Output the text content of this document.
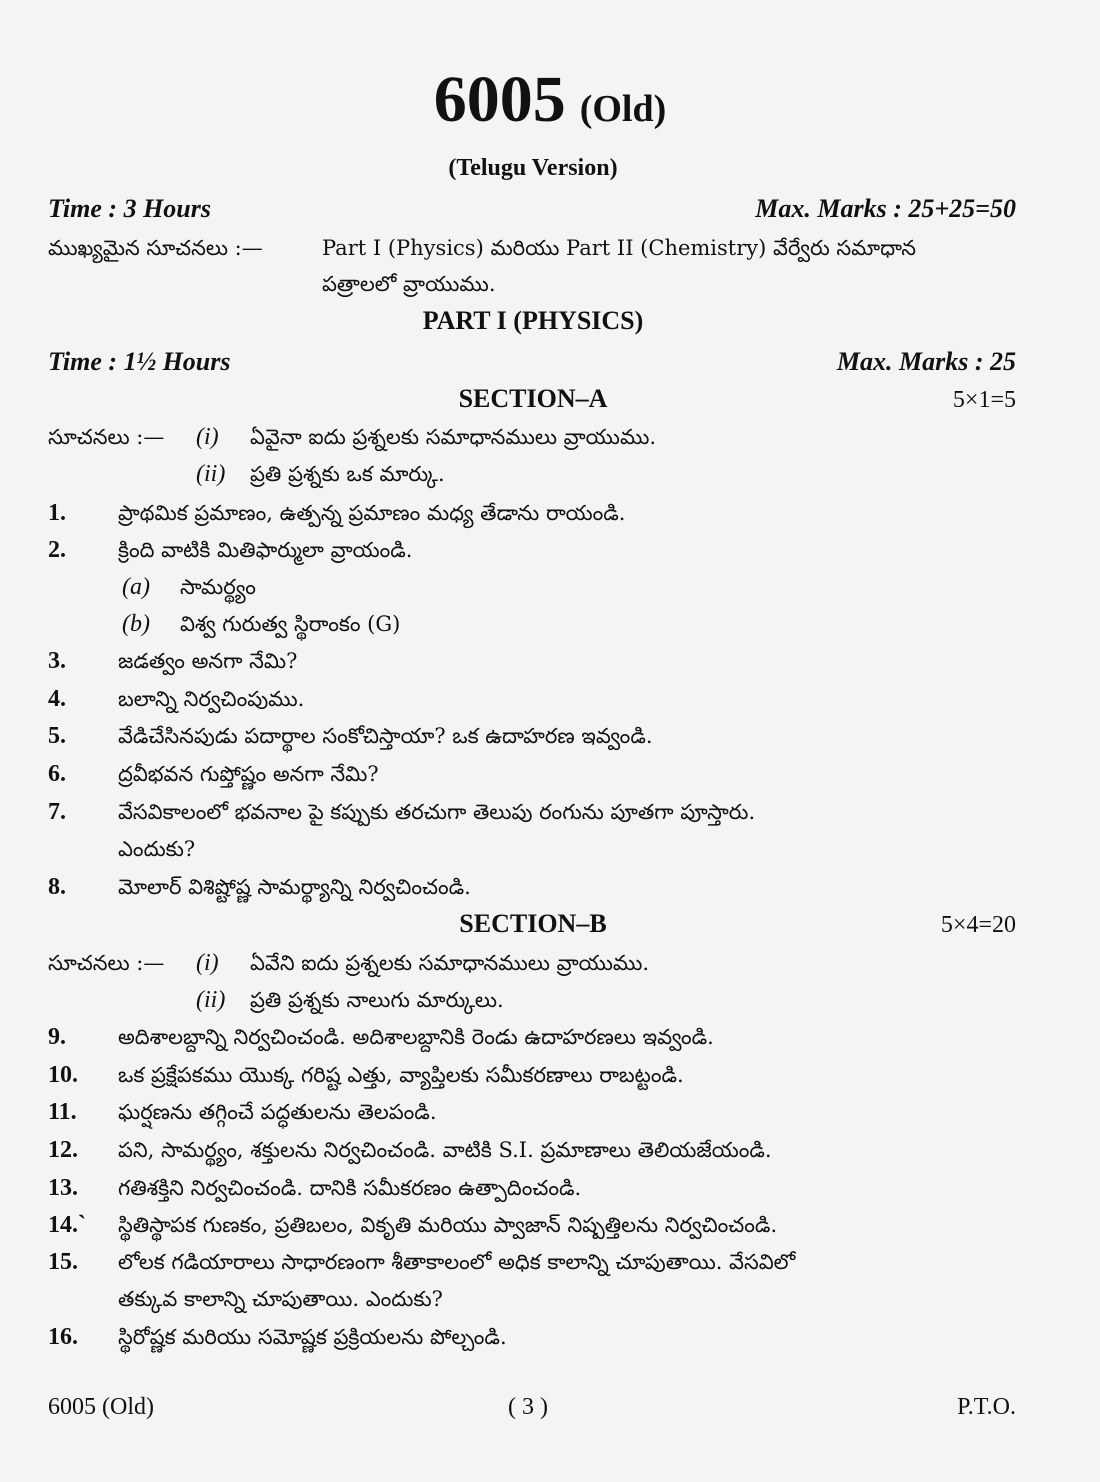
6005 (Old)
(Telugu Version)
Time : 3 Hours	Max. Marks : 25+25=50
ముఖ్యమైన సూచనలు :—	Part I (Physics) మరియు Part II (Chemistry) వేర్వేరు సమాధాన
పత్రాలలో వ్రాయుము.
PART I (PHYSICS)
Time : 1½ Hours	Max. Marks : 25
SECTION–A	5×1=5
సూచనలు :— (i) ఏవైనా ఐదు ప్రశ్నలకు సమాధానములు వ్రాయుము.
(ii) ప్రతి ప్రశ్నకు ఒక మార్కు.
1. ప్రాథమిక ప్రమాణం, ఉత్పన్న ప్రమాణం మధ్య తేడాను రాయండి.
2. క్రింది వాటికి మితిఫార్ములా వ్రాయండి.
(a) సామర్థ్యం
(b) విశ్వ గురుత్వ స్థిరాంకం (G)
3. జడత్వం అనగా నేమి?
4. బలాన్ని నిర్వచింపుము.
5. వేడిచేసినపుడు పదార్థాల సంకోచిస్తాయా? ఒక ఉదాహరణ ఇవ్వండి.
6. ద్రవీభవన గుప్తోష్ణం అనగా నేమి?
7. వేసవికాలంలో భవనాల పై కప్పుకు తరచుగా తెలుపు రంగును పూతగా పూస్తారు.
ఎందుకు?
8. మోలార్ విశిష్టోష్ణ సామర్థ్యాన్ని నిర్వచించండి.
SECTION–B	5×4=20
సూచనలు :— (i) ఏవేని ఐదు ప్రశ్నలకు సమాధానములు వ్రాయుము.
(ii) ప్రతి ప్రశ్నకు నాలుగు మార్కులు.
9. అదిశాలబ్దాన్ని నిర్వచించండి. అదిశాలబ్దానికి రెండు ఉదాహరణలు ఇవ్వండి.
10. ఒక ప్రక్షేపకము యొక్క గరిష్ట ఎత్తు, వ్యాప్తిలకు సమీకరణాలు రాబట్టండి.
11. ఘర్షణను తగ్గించే పద్ధతులను తెలపండి.
12. పని, సామర్థ్యం, శక్తులను నిర్వచించండి. వాటికి S.I. ప్రమాణాలు తెలియజేయండి.
13. గతిశక్తిని నిర్వచించండి. దానికి సమీకరణం ఉత్పాదించండి.
14.` స్థితిస్థాపక గుణకం, ప్రతిబలం, వికృతి మరియు ప్వాజాన్ నిష్పత్తిలను నిర్వచించండి.
15. లోలక గడియారాలు సాధారణంగా శీతాకాలంలో అధిక కాలాన్ని చూపుతాయి. వేసవిలో
తక్కువ కాలాన్ని చూపుతాయి. ఎందుకు?
16. స్థిరోష్ణక మరియు సమోష్ణక ప్రక్రియలను పోల్చండి.
6005 (Old)	( 3 )	P.T.O.
